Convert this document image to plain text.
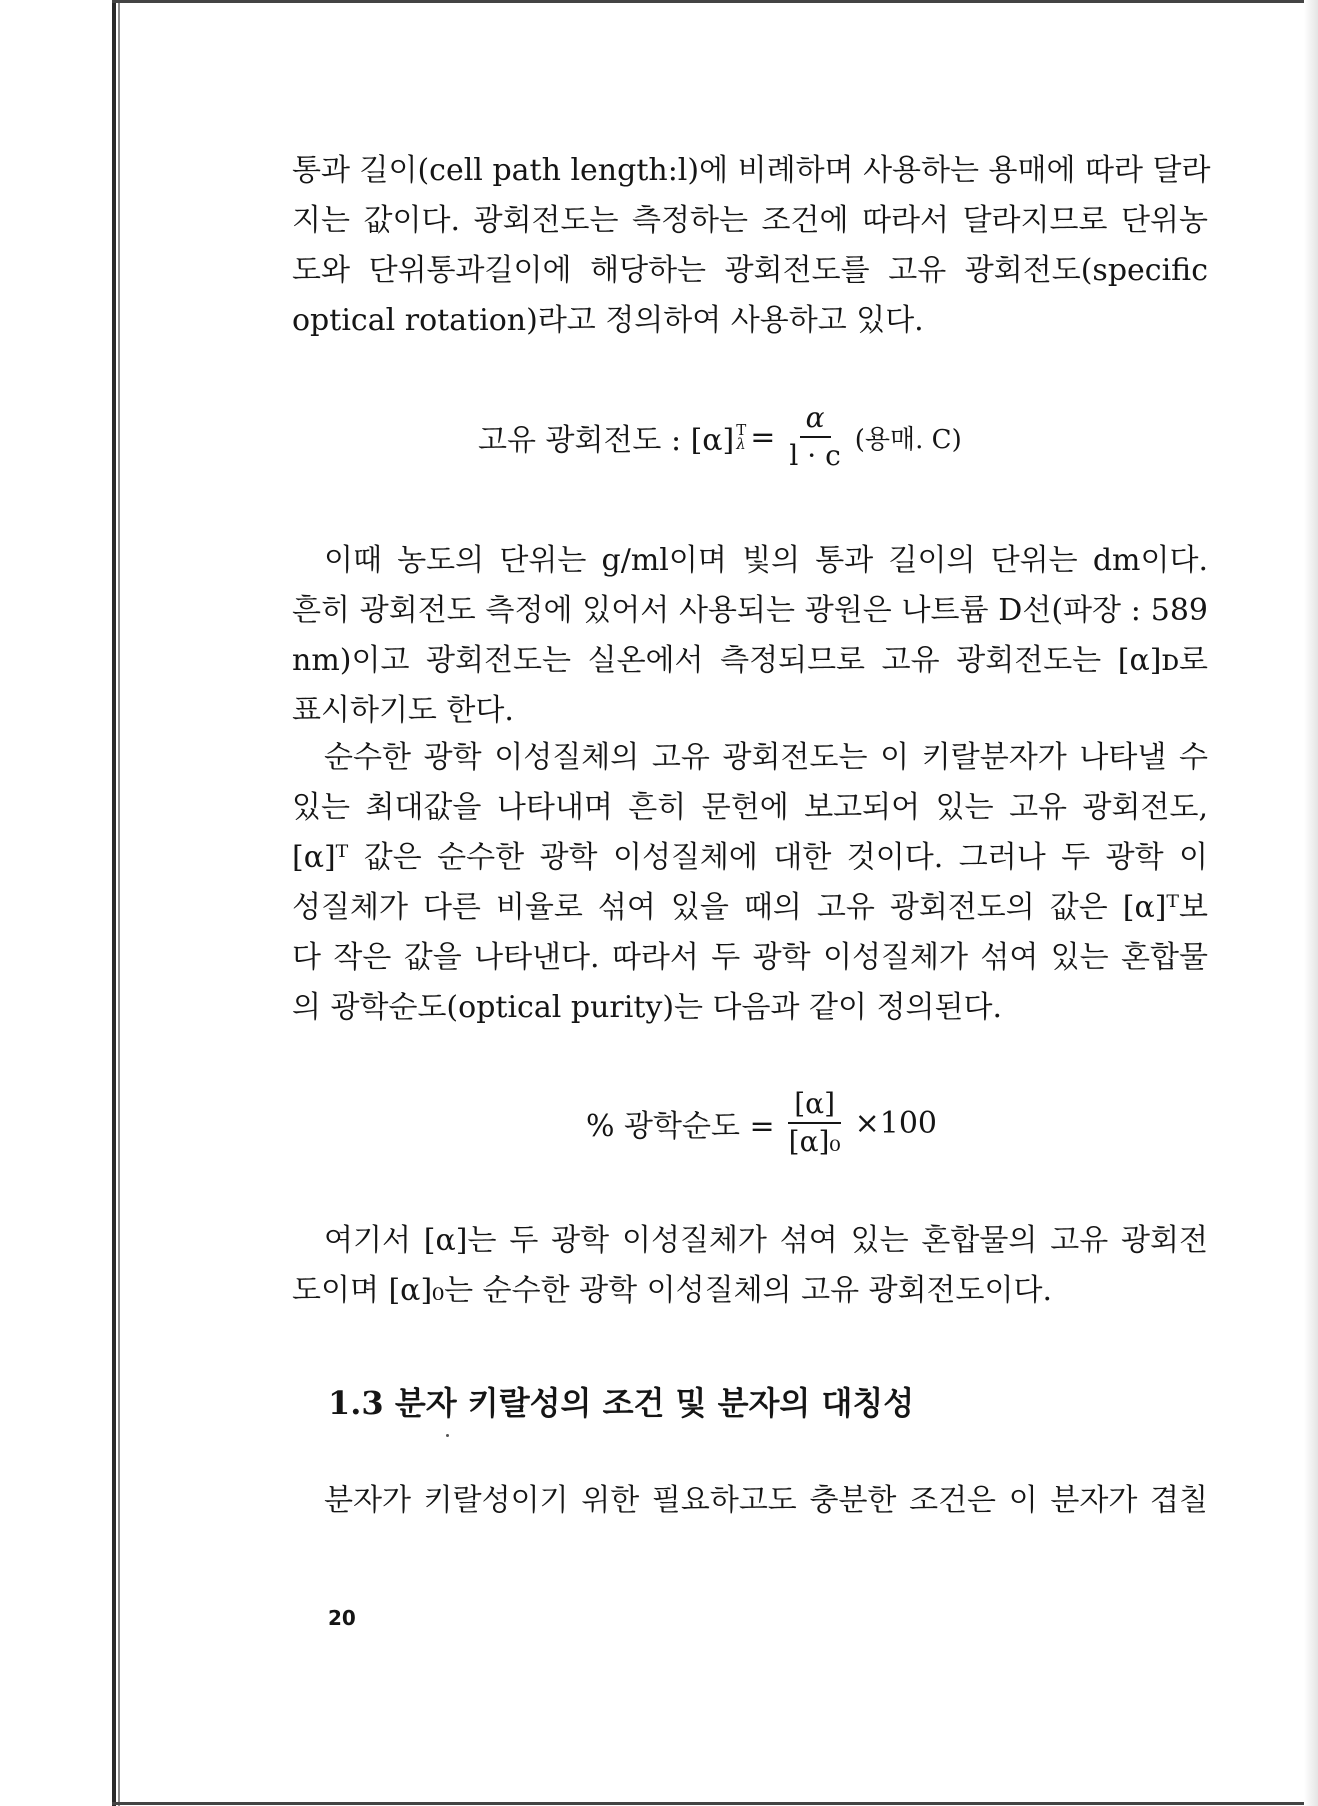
통과 길이(cell path length:l)에 비례하며 사용하는 용매에 따라 달라
지는 값이다. 광회전도는 측정하는 조건에 따라서 달라지므로 단위농
도와 단위통과길이에 해당하는 광회전도를 고유 광회전도(specific
optical rotation)라고 정의하여 사용하고 있다.
고유 광회전도 : [α] T
$\lambda = \frac{\alpha}{l \cdot c}$ (용매. C)
이때 농도의 단위는 g/ml이며 빛의 통과 길이의 단위는 dm이다.
흔히 광회전도 측정에 있어서 사용되는 광원은 나트륨 D선(파장 : 589
nm)이고 광회전도는 실온에서 측정되므로 고유 광회전도는 [α]ᴅ로
표시하기도 한다.
순수한 광학 이성질체의 고유 광회전도는 이 키랄분자가 나타낼 수
있는 최대값을 나타내며 흔히 문헌에 보고되어 있는 고유 광회전도,
[α]ᵀ 값은 순수한 광학 이성질체에 대한 것이다. 그러나 두 광학 이
성질체가 다른 비율로 섞여 있을 때의 고유 광회전도의 값은 [α]ᵀ보
다 작은 값을 나타낸다. 따라서 두 광학 이성질체가 섞여 있는 혼합물
의 광학순도(optical purity)는 다음과 같이 정의된다.
% 광학순도 = $\frac{[\alpha]}{\text{[α]₀}} \times 100$
여기서 [α]는 두 광학 이성질체가 섞여 있는 혼합물의 고유 광회전
도이며 [α]₀는 순수한 광학 이성질체의 고유 광회전도이다.
1.3 분자 키랄성의 조건 및 분자의 대칭성
분자가 키랄성이기 위한 필요하고도 충분한 조건은 이 분자가 겹칠
20
